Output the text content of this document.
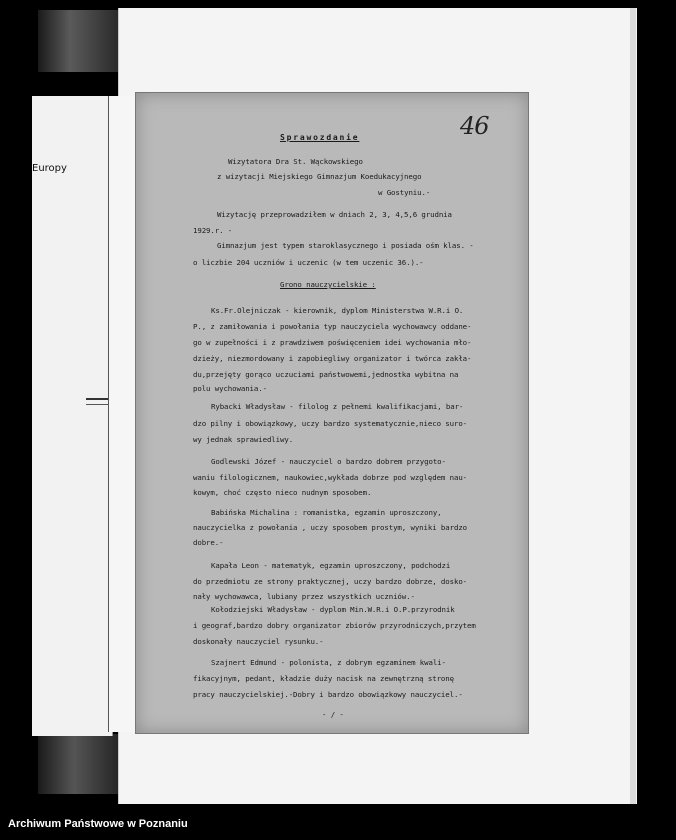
Europy
46
Sprawozdanie
Wizytatora Dra St. Wąckowskiego
z wizytacji Miejskiego Gimnazjum Koedukacyjnego
w Gostyniu.-
Wizytację przeprowadziłem w dniach 2, 3, 4,5,6 grudnia
1929.r. -
Gimnazjum jest typem staroklasycznego i posiada ośm klas. -
o liczbie 204 uczniów i uczenic (w tem uczenic 36.).-
Grono nauczycielskie :
Ks.Fr.Olejniczak - kierownik, dyplom Ministerstwa W.R.i O.
P., z zamiłowania i powołania typ nauczyciela wychowawcy oddane-
go w zupełności i z prawdziwem poświęceniem idei wychowania mło-
dzieży, niezmordowany i zapobiegliwy organizator i twórca zakła-
du,przejęty gorąco uczuciami państwowemi,jednostka wybitna na
polu wychowania.-
Rybacki Władysław - filolog z pełnemi kwalifikacjami, bar-
dzo pilny i obowiązkowy, uczy bardzo systematycznie,nieco suro-
wy jednak sprawiedliwy.
Godlewski Józef - nauczyciel o bardzo dobrem przygoto-
waniu filologicznem, naukowiec,wykłada dobrze pod względem nau-
kowym, choć często nieco nudnym sposobem.
Babińska Michalina : romanistka, egzamin uproszczony,
nauczycielka z powołania , uczy sposobem prostym, wyniki bardzo
dobre.-
Kapała Leon - matematyk, egzamin uproszczony, podchodzi
do przedmiotu ze strony praktycznej, uczy bardzo dobrze, dosko-
nały wychowawca, lubiany przez wszystkich uczniów.-
Kołodziejski Władysław - dyplom Min.W.R.i O.P.przyrodnik
i geograf,bardzo dobry organizator zbiorów przyrodniczych,przytem
doskonały nauczyciel rysunku.-
Szajnert Edmund - polonista, z dobrym egzaminem kwali-
fikacyjnym, pedant, kładzie duży nacisk na zewnętrzną stronę
pracy nauczycielskiej.-Dobry i bardzo obowiązkowy nauczyciel.-
- / -
Archiwum Państwowe w Poznaniu
